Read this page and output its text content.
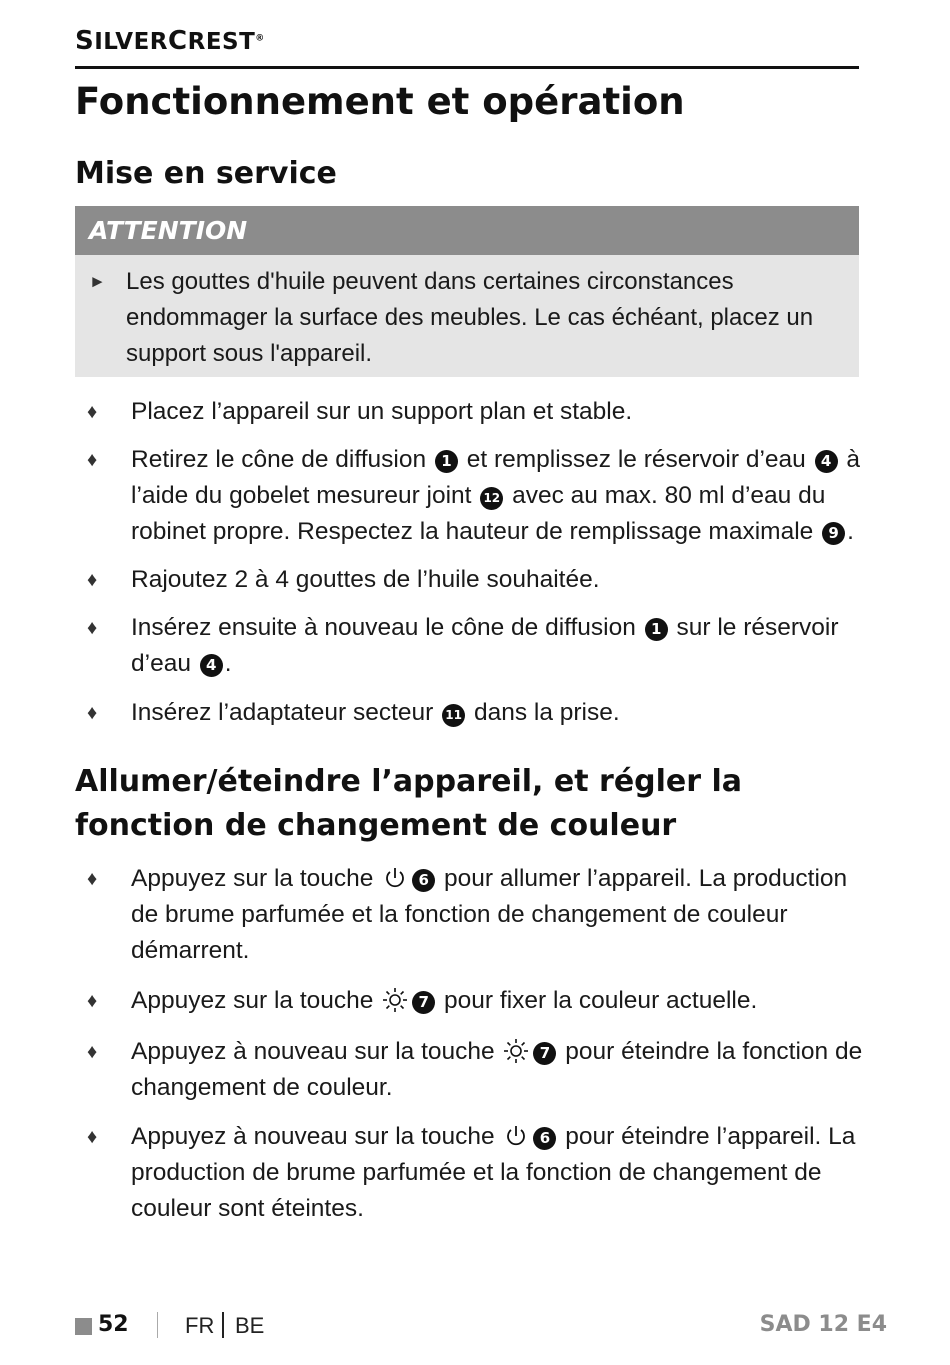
SILVERCREST®
Fonctionnement et opération
Mise en service
ATTENTION
► Les gouttes d'huile peuvent dans certaines circonstances endommager la surface des meubles. Le cas échéant, placez un support sous l'appareil.
♦ Placez l’appareil sur un support plan et stable.
♦ Retirez le cône de diffusion 1 et remplissez le réservoir d’eau 4 à l’aide du gobelet mesureur joint 12 avec au max. 80 ml d’eau du robinet propre. Respectez la hauteur de remplissage maximale 9 .
♦ Rajoutez 2 à 4 gouttes de l’huile souhaitée.
♦ Insérez ensuite à nouveau le cône de diffusion 1 sur le réservoir d’eau 4 .
♦ Insérez l’adaptateur secteur 11 dans la prise.
Allumer/éteindre l’appareil, et régler la
fonction de changement de couleur
♦ Appuyez sur la touche	6 pour allumer l’appareil. La production de brume parfumée et la fonction de changement de couleur démarrent.
♦ Appuyez sur la touche	7 pour fixer la couleur actuelle.
♦ Appuyez à nouveau sur la touche	7 pour éteindre la fonction de changement de couleur.
♦ Appuyez à nouveau sur la touche	6 pour éteindre l’appareil. La production de brume parfumée et la fonction de changement de couleur sont éteintes.
52	FR BE	SAD 12 E4
